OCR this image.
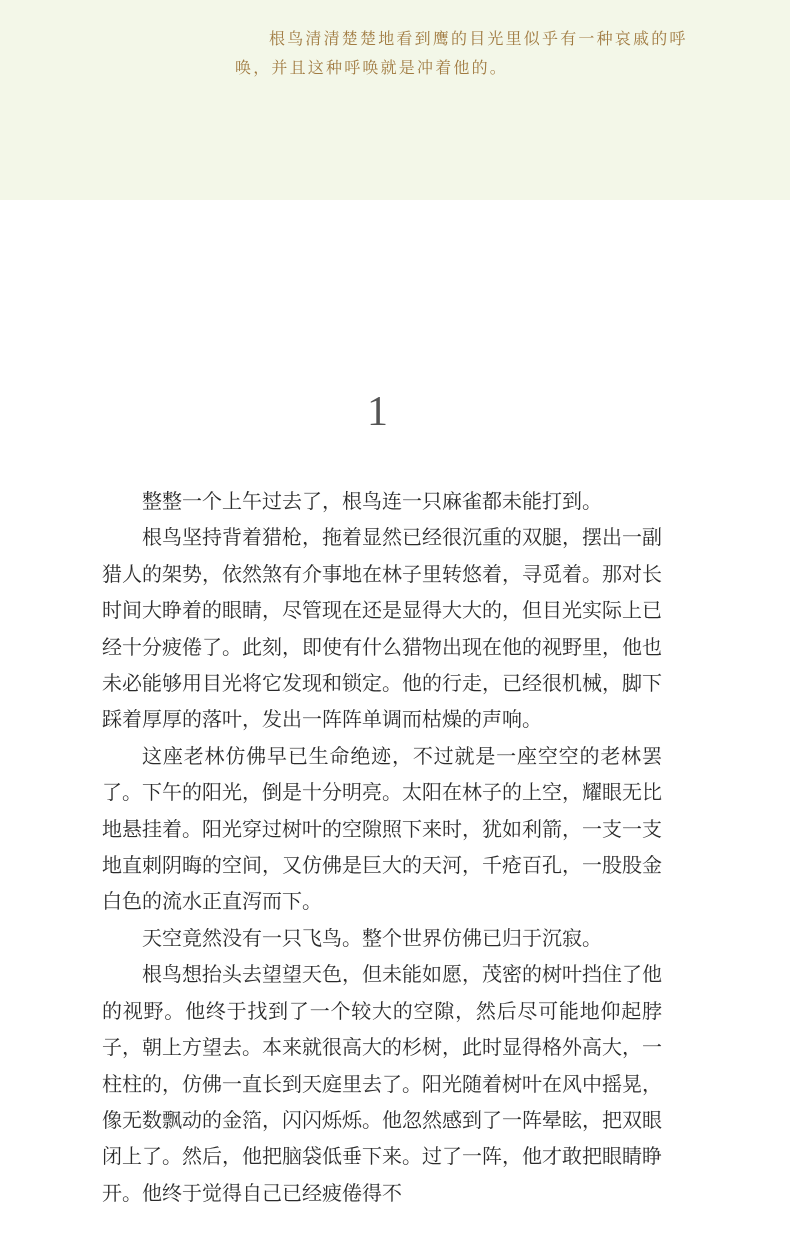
根鸟清清楚楚地看到鹰的目光里似乎有一种哀戚的呼唤，并且这种呼唤就是冲着他的。

1

整整一个上午过去了，根鸟连一只麻雀都未能打到。

根鸟坚持背着猎枪，拖着显然已经很沉重的双腿，摆出一副猎人的架势，依然煞有介事地在林子里转悠着，寻觅着。那对长时间大睁着的眼睛，尽管现在还是显得大大的，但目光实际上已经十分疲倦了。此刻，即使有什么猎物出现在他的视野里，他也未必能够用目光将它发现和锁定。他的行走，已经很机械，脚下踩着厚厚的落叶，发出一阵阵单调而枯燥的声响。

这座老林仿佛早已生命绝迹，不过就是一座空空的老林罢了。下午的阳光，倒是十分明亮。太阳在林子的上空，耀眼无比地悬挂着。阳光穿过树叶的空隙照下来时，犹如利箭，一支一支地直刺阴晦的空间，又仿佛是巨大的天河，千疮百孔，一股股金白色的流水正直泻而下。

天空竟然没有一只飞鸟。整个世界仿佛已归于沉寂。

根鸟想抬头去望望天色，但未能如愿，茂密的树叶挡住了他的视野。他终于找到了一个较大的空隙，然后尽可能地仰起脖子，朝上方望去。本来就很高大的杉树，此时显得格外高大，一柱柱的，仿佛一直长到天庭里去了。阳光随着树叶在风中摇晃，像无数飘动的金箔，闪闪烁烁。他忽然感到了一阵晕眩，把双眼闭上了。然后，他把脑袋低垂下来。过了一阵，他才敢把眼睛睁开。他终于觉得自己已经疲倦得不
